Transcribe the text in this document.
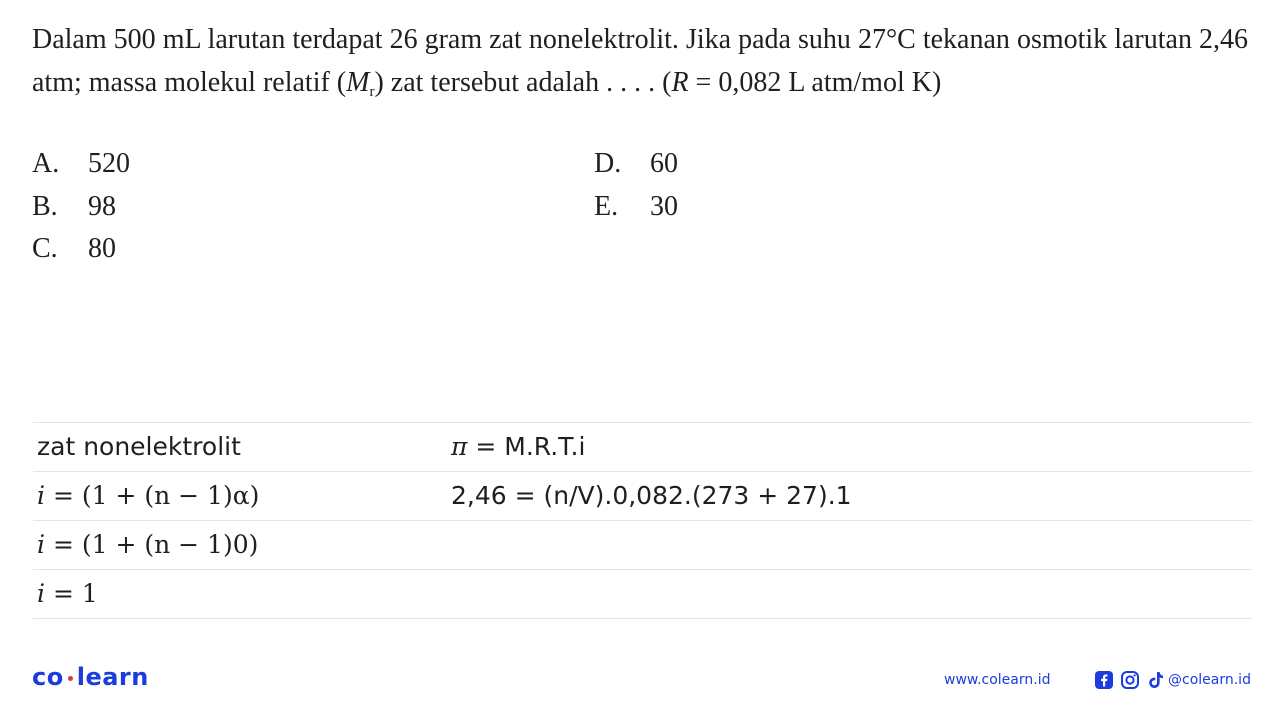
Dalam 500 mL larutan terdapat 26 gram zat nonelektrolit. Jika pada suhu 27°C tekanan osmotik larutan 2,46 atm; massa molekul relatif $(M_r)$ zat tersebut adalah . . . . (R = 0,082 L atm/mol K)
A. 520
B. 98
C. 80
D. 60
E. 30
zat nonelektrolit	π = M.R.T.i
i = (1 + (n − 1)α)	2,46 = (n/V).0,082.(273 + 27).1
i = (1 + (n − 1)0)
i = 1
co learn	www.colearn.id	@colearn.id
